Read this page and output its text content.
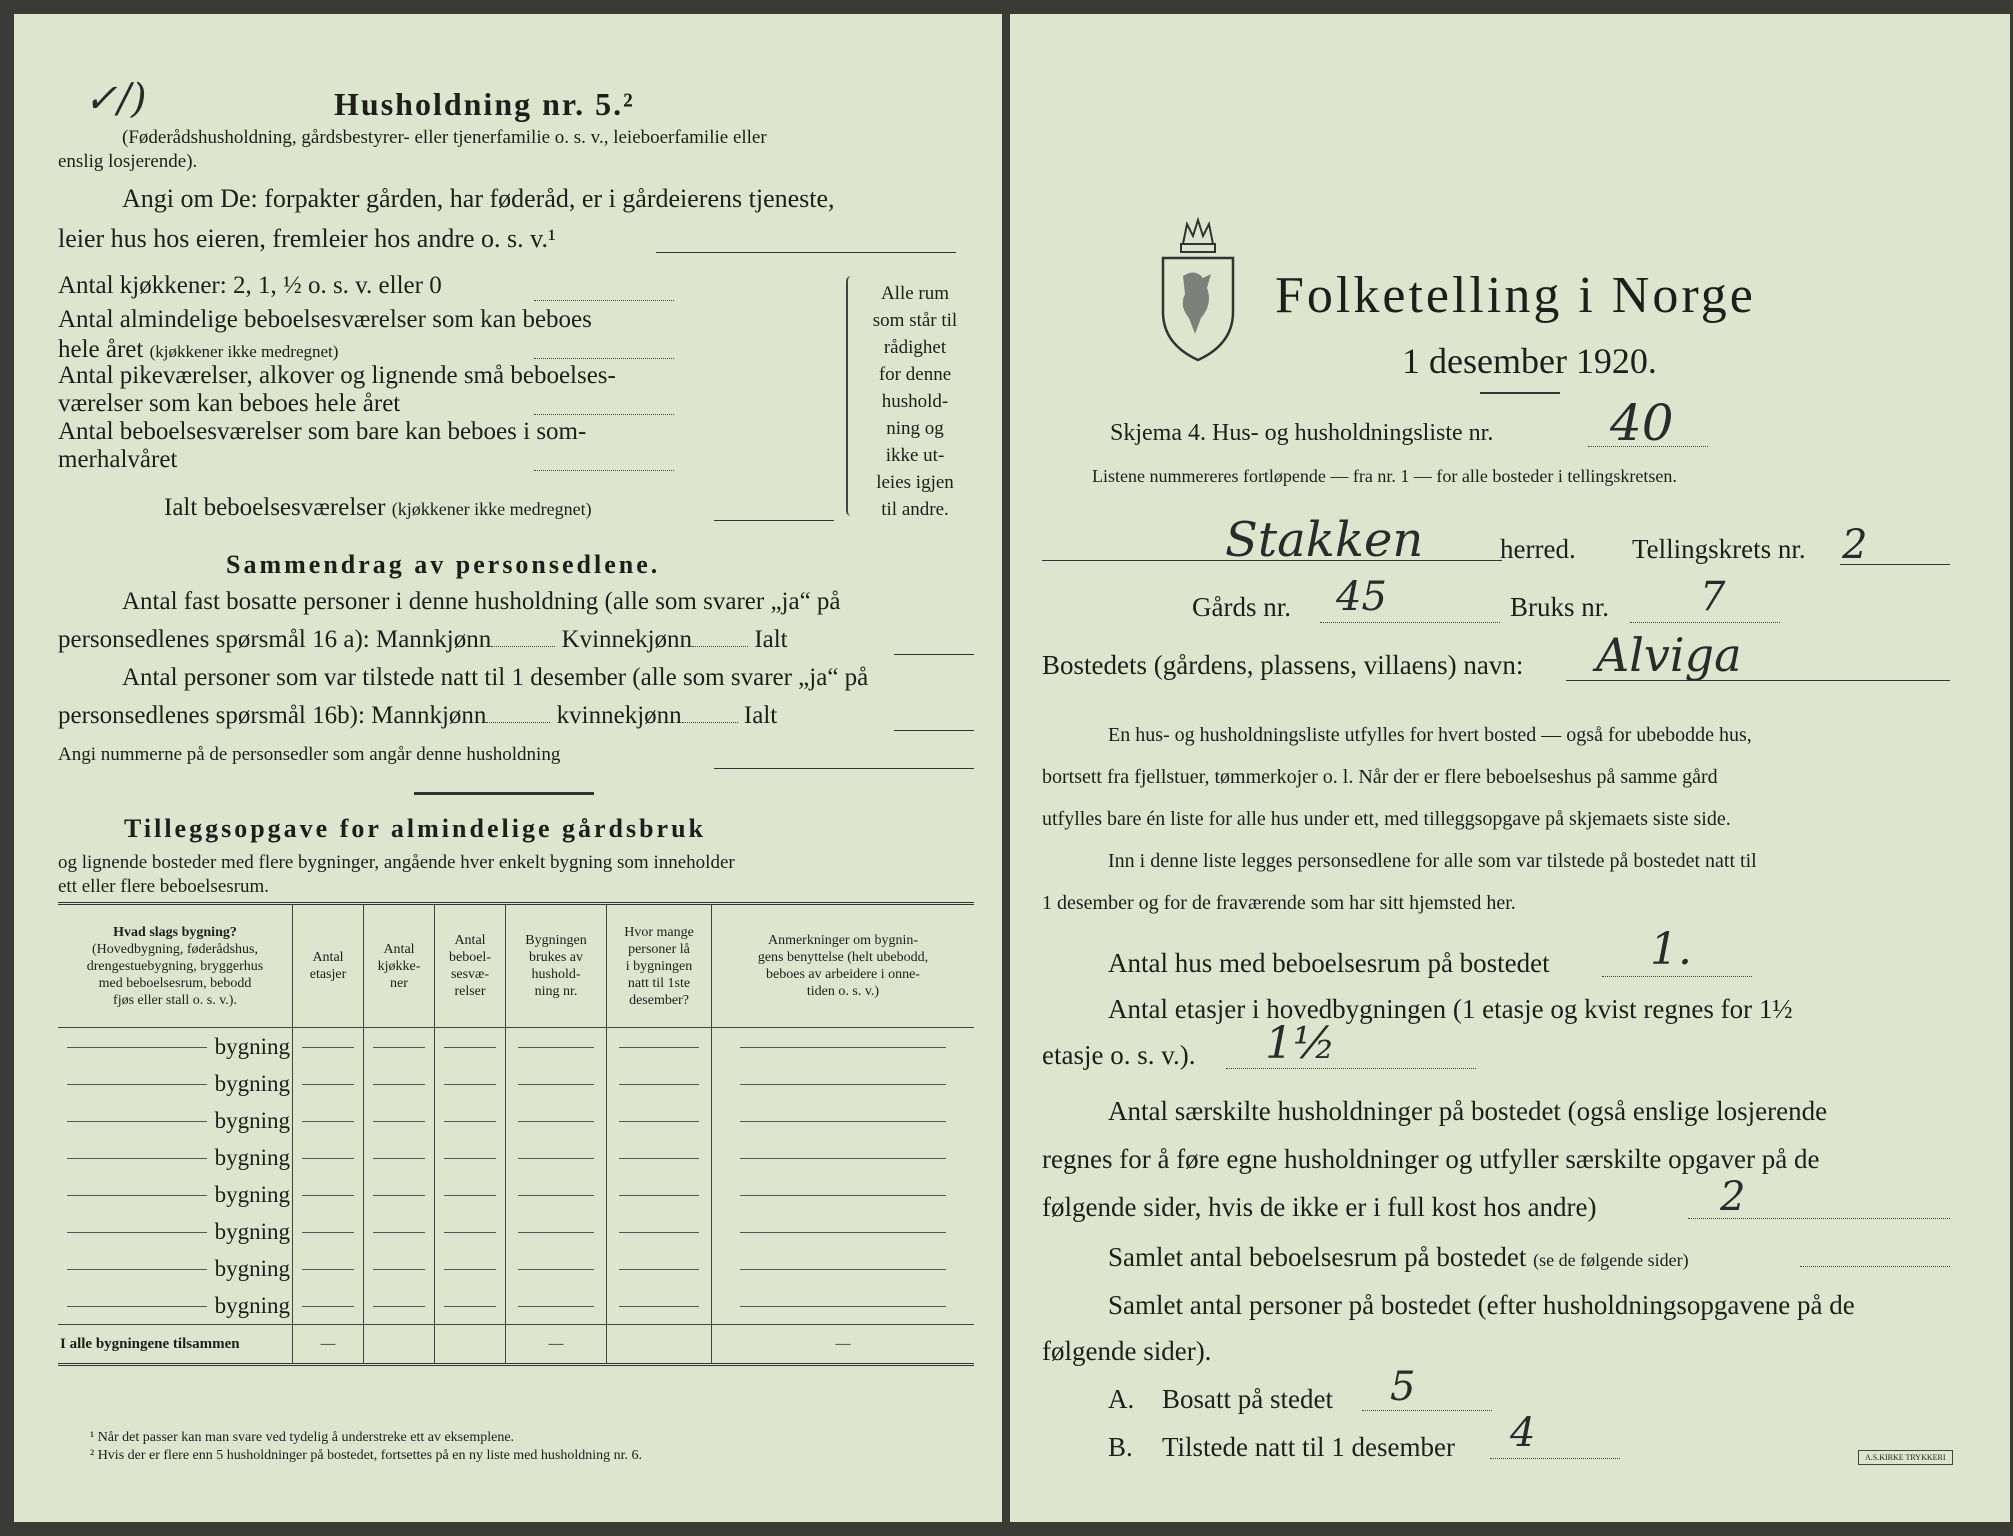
✓/)	Husholdning nr. 5.²
(Føderådshusholdning, gårdsbestyrer- eller tjenerfamilie o. s. v., leieboerfamilie eller
enslig losjerende).
Angi om De: forpakter gården, har føderåd, er i gårdeierens tjeneste,
leier hus hos eieren, fremleier hos andre o. s. v.¹
Antal kjøkkener: 2, 1, ½ o. s. v. eller 0
Antal almindelige beboelsesværelser som kan beboes
hele året (kjøkkener ikke medregnet)
Antal pikeværelser, alkover og lignende små beboelses-
værelser som kan beboes hele året
Antal beboelsesværelser som bare kan beboes i som-
merhalvåret
Ialt beboelsesværelser (kjøkkener ikke medregnet)
Alle rum
som står til
rådighet
for denne
hushold-
ning og
ikke ut-
leies igjen
til andre.
Sammendrag av personsedlene.
Antal fast bosatte personer i denne husholdning (alle som svarer „ja“ på
personsedlenes spørsmål 16 a): Mannkjønn	Kvinnekjønn Ialt
Antal personer som var tilstede natt til 1 desember (alle som svarer „ja“ på
personsedlenes spørsmål 16b): Mannkjønn	kvinnekjønn Ialt
Angi nummerne på de personsedler som angår denne husholdning
Tilleggsopgave for almindelige gårdsbruk
og lignende bosteder med flere bygninger, angående hver enkelt bygning som inneholder
ett eller flere beboelsesrum.
Hvad slags bygning?
(Hovedbygning, føderådshus,
drengestuebygning, bryggerhus
med beboelsesrum, bebodd
fjøs eller stall o. s. v.).	Antal
etasjer	Antal
kjøkke-
ner	Antal
beboel-
sesvæ-
relser	Bygningen
brukes av
hushold-
ning nr.	Hvor mange
personer lå
i bygningen
natt til 1ste
desember?	Anmerkninger om bygnin-
gens benyttelse (helt ubebodd,
beboes av arbeidere i onne-
tiden o. s. v.)
bygning						
bygning						
bygning						
bygning						
bygning						
bygning						
bygning						
bygning						
I alle bygningene tilsammen	—			—		—
¹ Når det passer kan man svare ved tydelig å understreke ett av eksemplene.
² Hvis der er flere enn 5 husholdninger på bostedet, fortsettes på en ny liste med husholdning nr. 6.
Folketelling i Norge
1 desember 1920.
Skjema 4. Hus- og husholdningsliste nr. 40
Listene nummereres fortløpende — fra nr. 1 — for alle bosteder i tellingskretsen.
Stakken	herred. Tellingskrets nr. 2
Gårds nr. 45	Bruks nr. 7
Bostedets (gårdens, plassens, villaens) navn: Alviga
En hus- og husholdningsliste utfylles for hvert bosted — også for ubebodde hus,
bortsett fra fjellstuer, tømmerkojer o. l. Når der er flere beboelseshus på samme gård
utfylles bare én liste for alle hus under ett, med tilleggsopgave på skjemaets siste side.
Inn i denne liste legges personsedlene for alle som var tilstede på bostedet natt til
1 desember og for de fraværende som har sitt hjemsted her.
Antal hus med beboelsesrum på bostedet 1.
Antal etasjer i hovedbygningen (1 etasje og kvist regnes for 1½
etasje o. s. v.). 1½
Antal særskilte husholdninger på bostedet (også enslige losjerende
regnes for å føre egne husholdninger og utfyller særskilte opgaver på de
følgende sider, hvis de ikke er i full kost hos andre)	2
Samlet antal beboelsesrum på bostedet (se de følgende sider)
Samlet antal personer på bostedet (efter husholdningsopgavene på de
følgende sider).
A. Bosatt på stedet 5
B. Tilstede natt til 1 desember 4
A.S.KIRKE TRYKKERI
